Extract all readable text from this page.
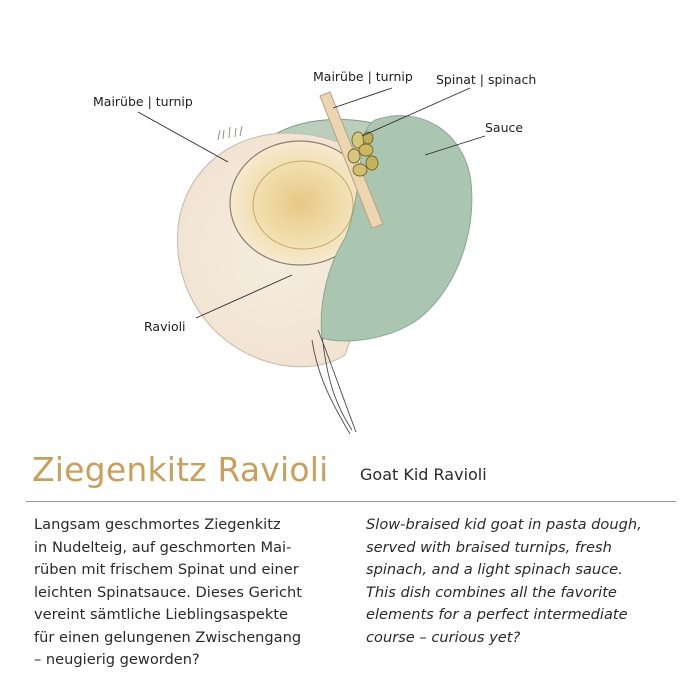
Mairübe | turnip
Mairübe | turnip Spinat | spinach
Sauce
Ravioli
Ziegenkitz Ravioli Goat Kid Ravioli
Langsam geschmortes Ziegenkitz
in Nudelteig, auf geschmorten Mai-
rüben mit frischem Spinat und einer
leichten Spinatsauce. Dieses Gericht
vereint sämtliche Lieblingsaspekte
für einen gelungenen Zwischengang
– neugierig geworden?
Slow-braised kid goat in pasta dough,
served with braised turnips, fresh
spinach, and a light spinach sauce.
This dish combines all the favorite
elements for a perfect intermediate
course – curious yet?
